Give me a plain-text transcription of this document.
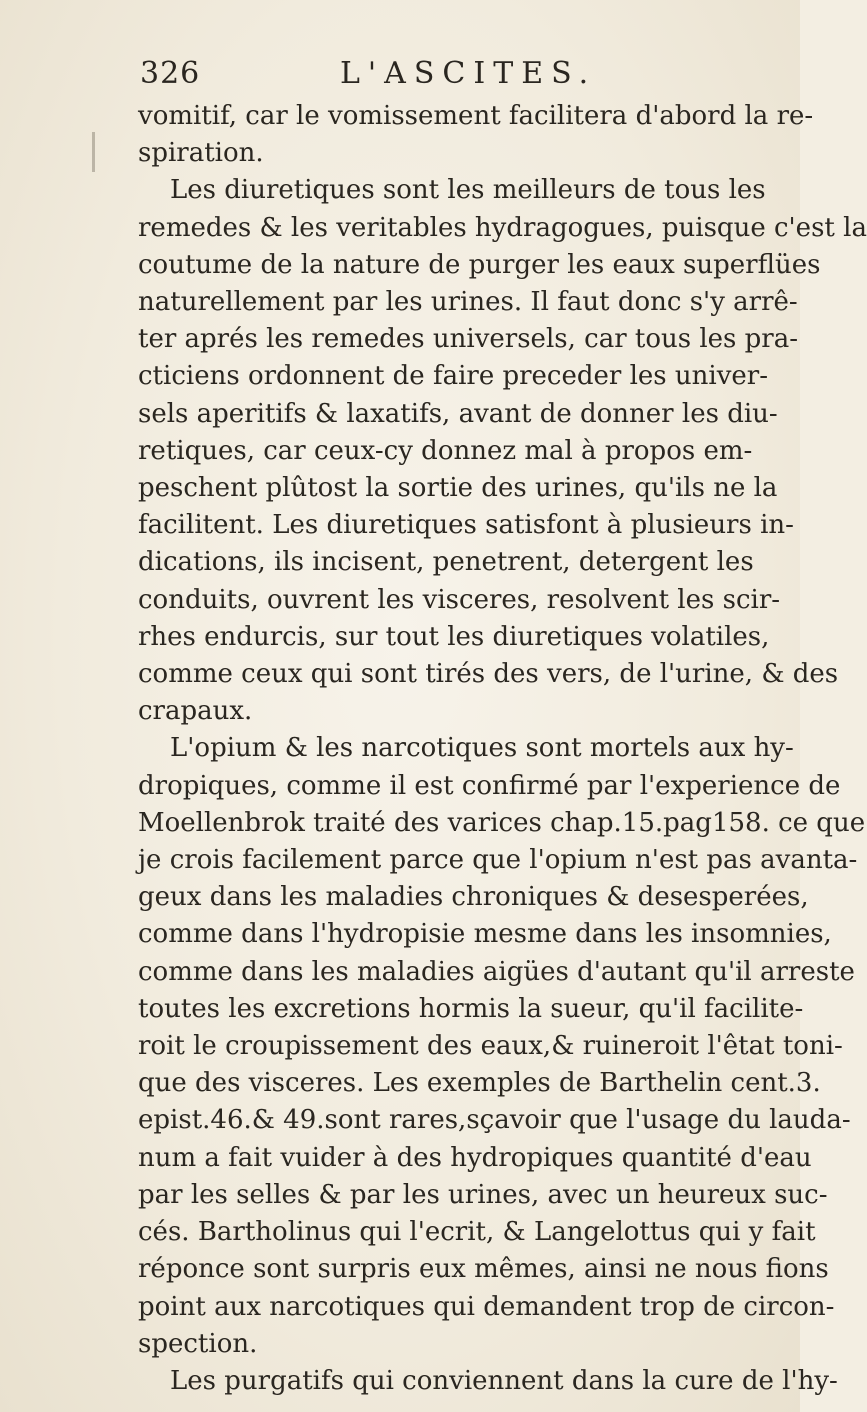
326	L'ASCITES.

vomitif, car le vomissement facilitera d'abord la re-
spiration.

Les diuretiques sont les meilleurs de tous les
remedes & les veritables hydragogues, puisque c'est la
coutume de la nature de purger les eaux superflües
naturellement par les urines. Il faut donc s'y arrê-
ter aprés les remedes universels, car tous les pra-
cticiens ordonnent de faire preceder les univer-
sels aperitifs & laxatifs, avant de donner les diu-
retiques, car ceux-cy donnez mal à propos em-
peschent plûtost la sortie des urines, qu'ils ne la
facilitent. Les diuretiques satisfont à plusieurs in-
dications, ils incisent, penetrent, detergent les
conduits, ouvrent les visceres, resolvent les scir-
rhes endurcis, sur tout les diuretiques volatiles,
comme ceux qui sont tirés des vers, de l'urine, & des
crapaux.

L'opium & les narcotiques sont mortels aux hy-
dropiques, comme il est confirmé par l'experience de
Moellenbrok traité des varices chap.15.pag158. ce que
je crois facilement parce que l'opium n'est pas avanta-
geux dans les maladies chroniques & desesperées,
comme dans l'hydropisie mesme dans les insomnies,
comme dans les maladies aigües d'autant qu'il arreste
toutes les excretions hormis la sueur, qu'il facilite-
roit le croupissement des eaux,& ruineroit l'êtat toni-
que des visceres. Les exemples de Barthelin cent.3.
epist.46.& 49.sont rares,sçavoir que l'usage du lauda-
num a fait vuider à des hydropiques quantité d'eau
par les selles & par les urines, avec un heureux suc-
cés. Bartholinus qui l'ecrit, & Langelottus qui y fait
réponce sont surpris eux mêmes, ainsi ne nous fions
point aux narcotiques qui demandent trop de circon-
spection.

Les purgatifs qui conviennent dans la cure de l'hy-
